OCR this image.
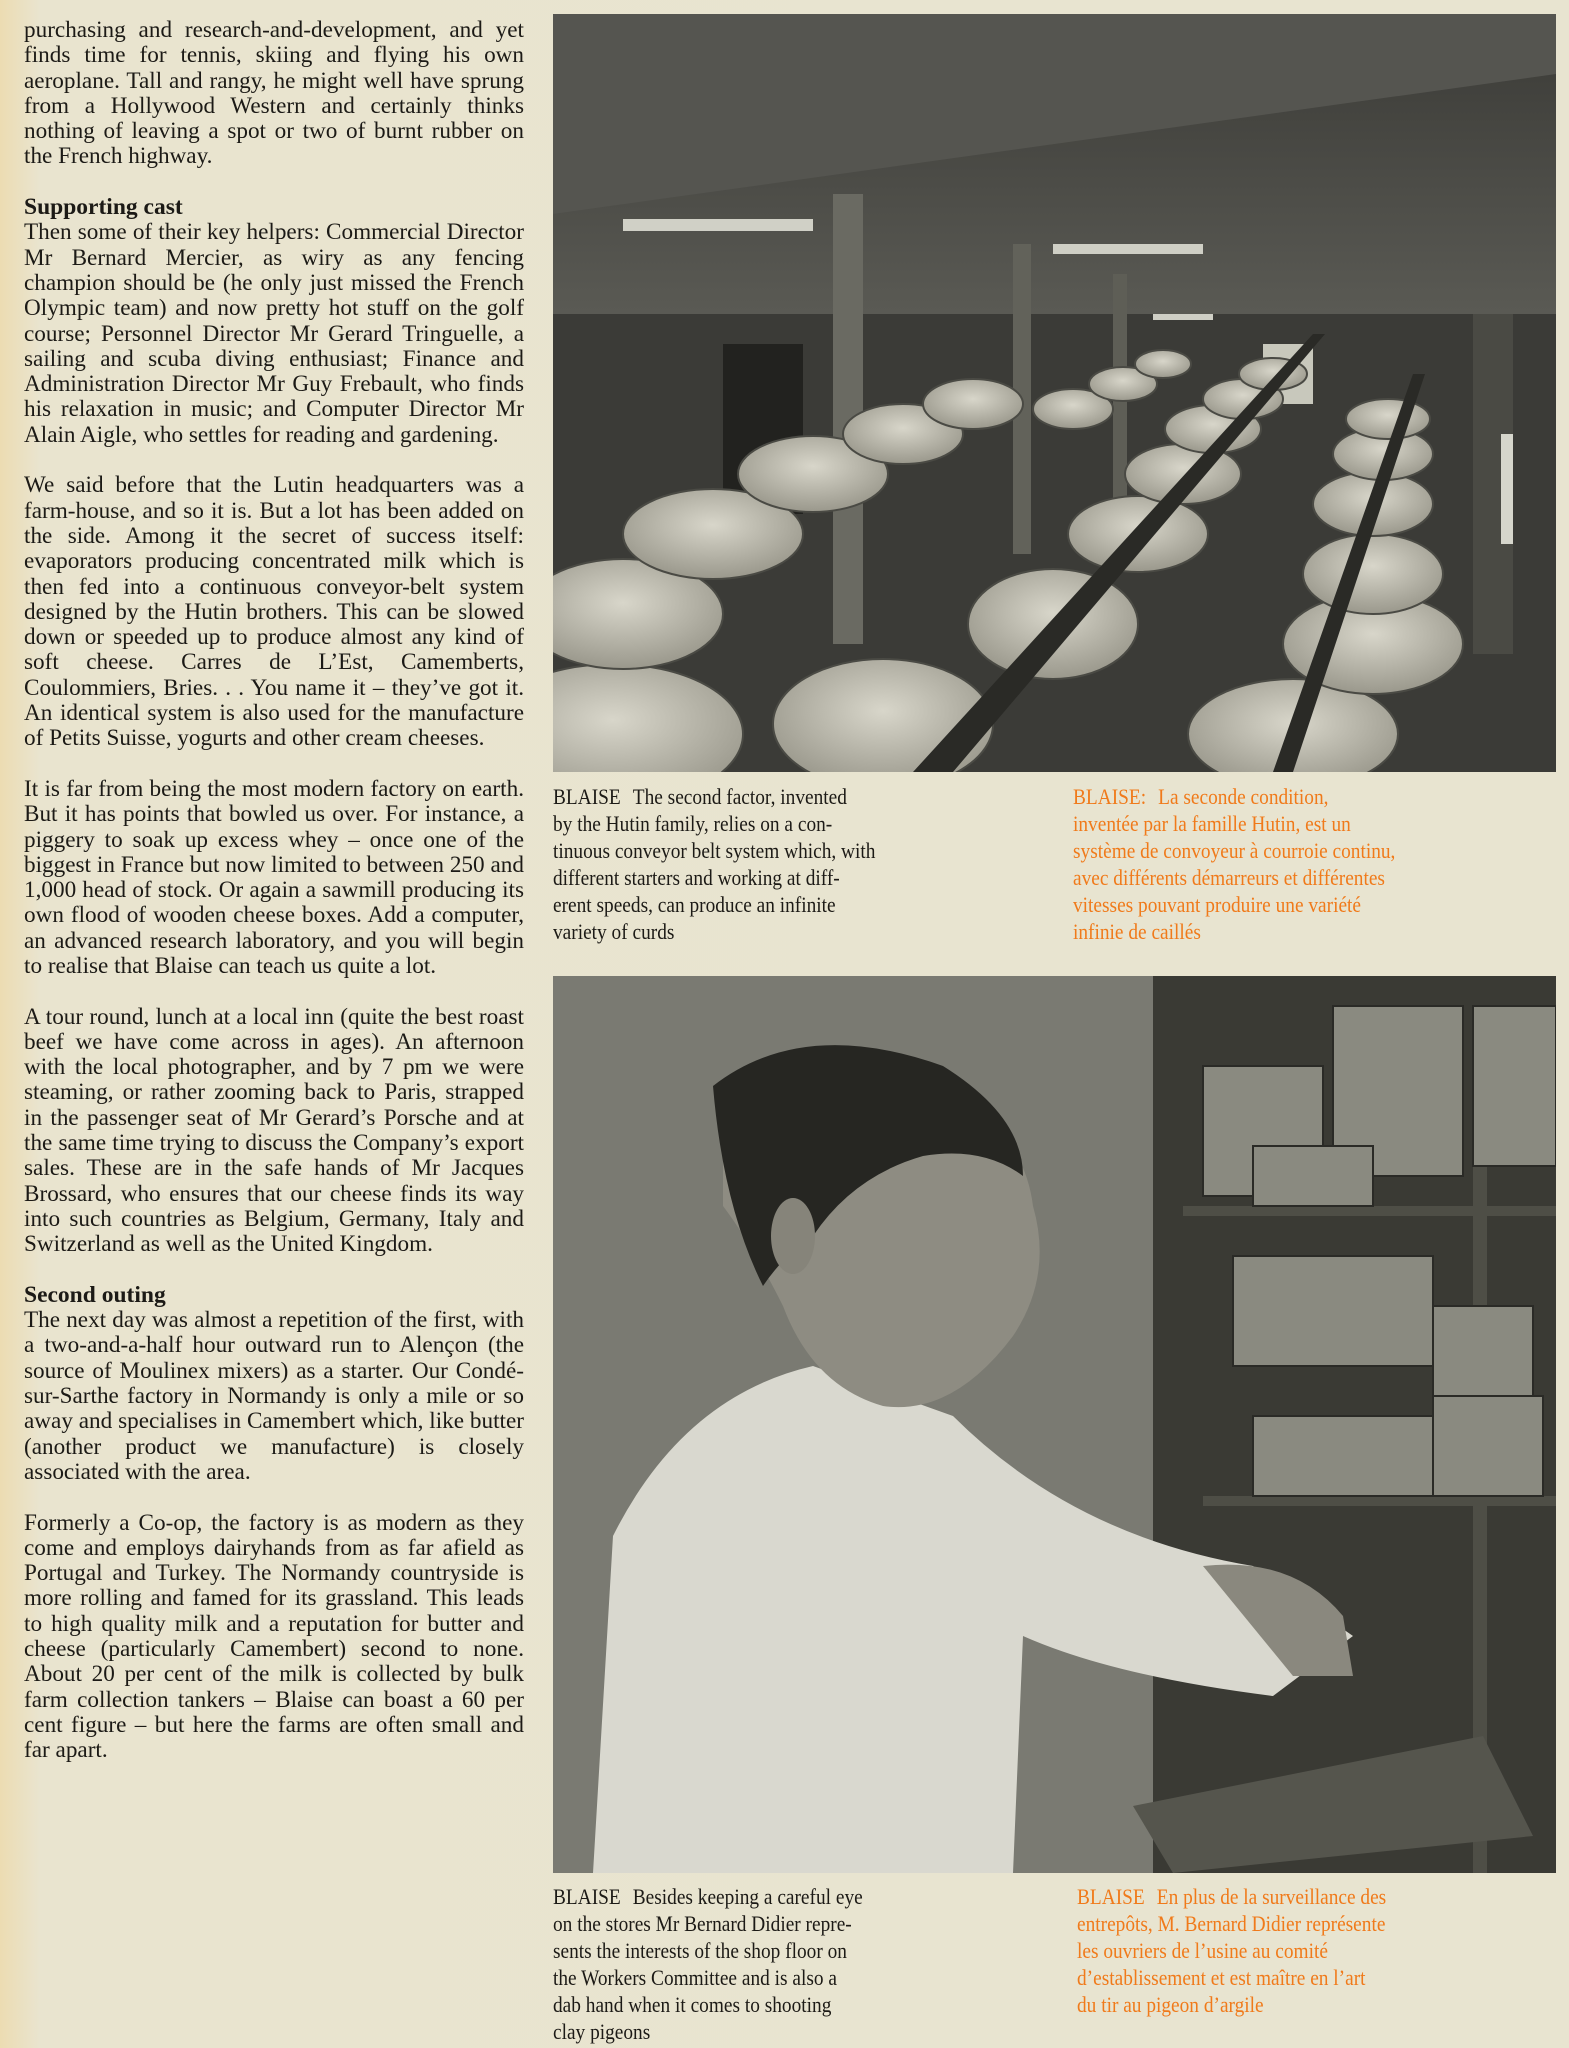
purchasing and research-and-development, and yet finds time for tennis, skiing and flying his own aeroplane. Tall and rangy, he might well have sprung from a Hollywood Western and certainly thinks nothing of leaving a spot or two of burnt rubber on the French highway.

Supporting cast

Then some of their key helpers: Commercial Director Mr Bernard Mercier, as wiry as any fencing champion should be (he only just missed the French Olympic team) and now pretty hot stuff on the golf course; Personnel Director Mr Gerard Tringuelle, a sailing and scuba diving enthusiast; Finance and Administration Director Mr Guy Frebault, who finds his relaxation in music; and Computer Director Mr Alain Aigle, who settles for reading and gardening.

We said before that the Lutin headquarters was a farm-house, and so it is. But a lot has been added on the side. Among it the secret of success itself: evaporators producing concentrated milk which is then fed into a continuous conveyor-belt system designed by the Hutin brothers. This can be slowed down or speeded up to produce almost any kind of soft cheese. Carres de L’Est, Camemberts, Coulommiers, Bries. . . You name it – they’ve got it. An identical system is also used for the manufacture of Petits Suisse, yogurts and other cream cheeses.

It is far from being the most modern factory on earth. But it has points that bowled us over. For instance, a piggery to soak up excess whey – once one of the biggest in France but now limited to between 250 and 1,000 head of stock. Or again a sawmill producing its own flood of wooden cheese boxes. Add a computer, an advanced research laboratory, and you will begin to realise that Blaise can teach us quite a lot.

A tour round, lunch at a local inn (quite the best roast beef we have come across in ages). An afternoon with the local photographer, and by 7 pm we were steaming, or rather zooming back to Paris, strapped in the passenger seat of Mr Gerard’s Porsche and at the same time trying to discuss the Company’s export sales. These are in the safe hands of Mr Jacques Brossard, who ensures that our cheese finds its way into such countries as Belgium, Germany, Italy and Switzerland as well as the United Kingdom.

Second outing

The next day was almost a repetition of the first, with a two-and-a-half hour outward run to Alençon (the source of Moulinex mixers) as a starter. Our Condé-sur-Sarthe factory in Normandy is only a mile or so away and specialises in Camembert which, like butter (another product we manufacture) is closely associated with the area.

Formerly a Co-op, the factory is as modern as they come and employs dairyhands from as far afield as Portugal and Turkey. The Normandy countryside is more rolling and famed for its grassland. This leads to high quality milk and a reputation for butter and cheese (particularly Camembert) second to none. About 20 per cent of the milk is collected by bulk farm collection tankers – Blaise can boast a 60 per cent figure – but here the farms are often small and far apart.

BLAISE The second factor, invented
by the Hutin family, relies on a con-
tinuous conveyor belt system which, with
different starters and working at diff-
erent speeds, can produce an infinite
variety of curds
BLAISE: La seconde condition,
inventée par la famille Hutin, est un
système de convoyeur à courroie continu,
avec différents démarreurs et différentes
vitesses pouvant produire une variété
infinie de caillés
BLAISE Besides keeping a careful eye
on the stores Mr Bernard Didier repre-
sents the interests of the shop floor on
the Workers Committee and is also a
dab hand when it comes to shooting
clay pigeons
BLAISE En plus de la surveillance des
entrepôts, M. Bernard Didier représente
les ouvriers de l’usine au comité
d’establissement et est maître en l’art
du tir au pigeon d’argile
